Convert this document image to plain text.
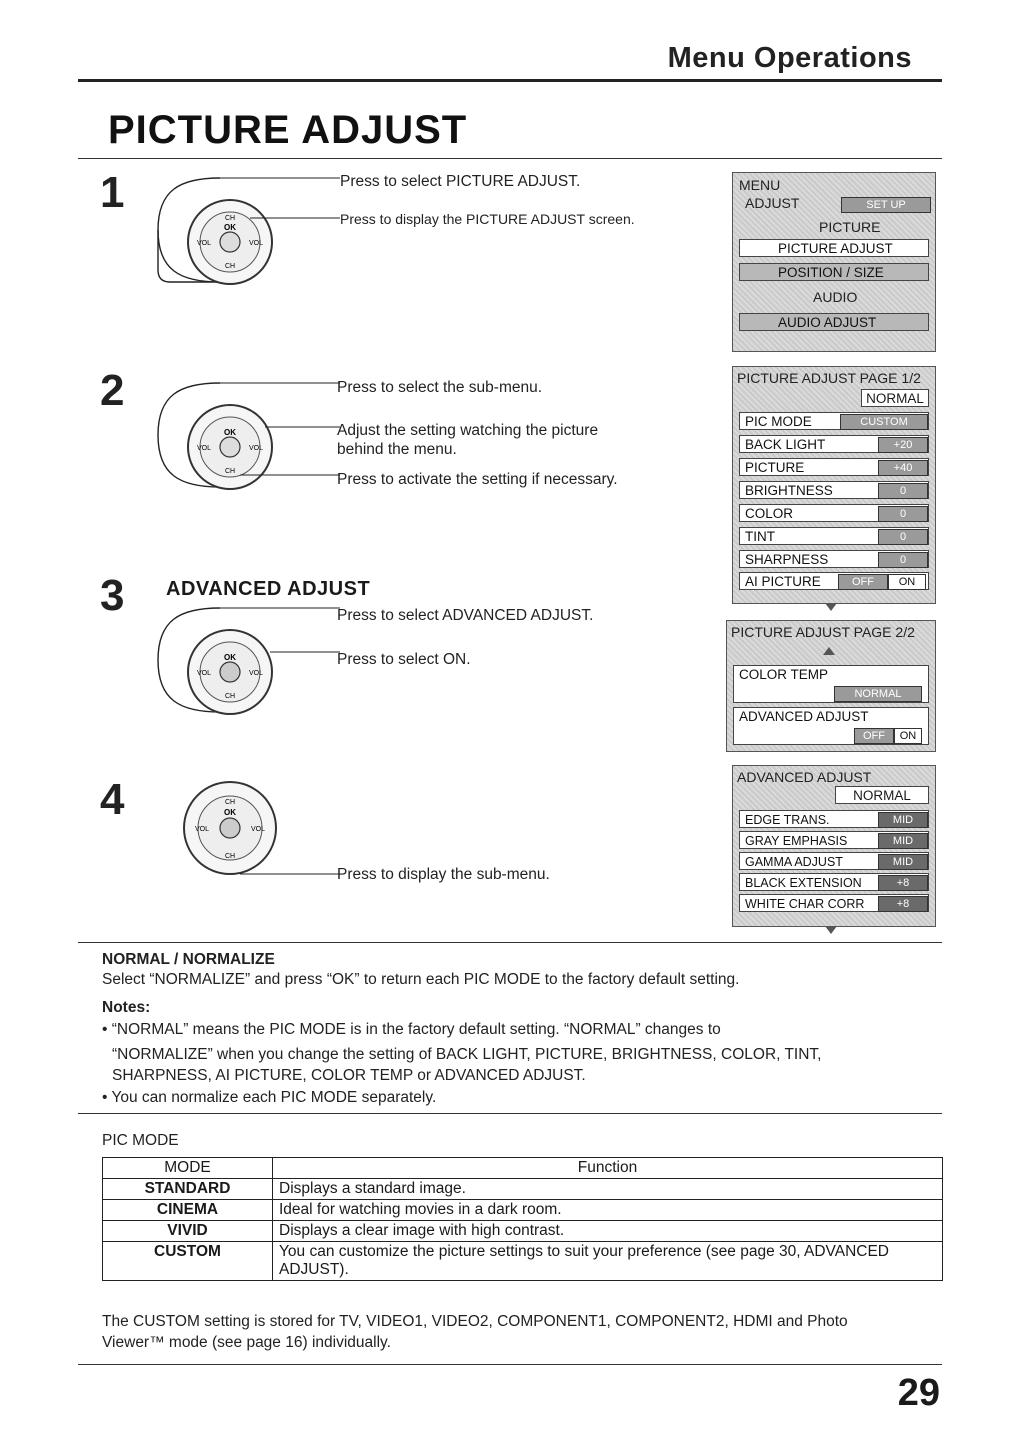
Menu Operations
PICTURE ADJUST
1
CH
OK
CH
VOL	VOL
Press to select PICTURE ADJUST.
Press to display the PICTURE ADJUST screen.
MENU
ADJUST	SET UP
PICTURE
PICTURE ADJUST
POSITION / SIZE
AUDIO
AUDIO ADJUST
2
OK
CH
VOL	VOL
Press to select the sub-menu.
Adjust the setting watching the picture
behind the menu.
Press to activate the setting if necessary.
PICTURE ADJUST PAGE 1/2
NORMAL
PIC MODE	CUSTOM
BACK LIGHT	+20
PICTURE	+40
BRIGHTNESS	0
COLOR	0
TINT	0
SHARPNESS	0
AI PICTURE	OFF	ON
3 ADVANCED ADJUST
OK
CH
VOL	VOL
Press to select ADVANCED ADJUST.
Press to select ON.
PICTURE ADJUST PAGE 2/2
COLOR TEMP
NORMAL
ADVANCED ADJUST
OFF	ON
4	CH
OK
CH
VOL	VOL
Press to display the sub-menu.
ADVANCED ADJUST
NORMAL
EDGE TRANS.	MID
GRAY EMPHASIS	MID
GAMMA ADJUST	MID
BLACK EXTENSION	+8
WHITE CHAR CORR	+8
NORMAL / NORMALIZE
Select “NORMALIZE” and press “OK” to return each PIC MODE to the factory default setting.
Notes:
• “NORMAL” means the PIC MODE is in the factory default setting. “NORMAL” changes to
“NORMALIZE” when you change the setting of BACK LIGHT, PICTURE, BRIGHTNESS, COLOR, TINT,
SHARPNESS, AI PICTURE, COLOR TEMP or ADVANCED ADJUST.
• You can normalize each PIC MODE separately.
PIC MODE
MODE	Function
STANDARD	Displays a standard image.
CINEMA	Ideal for watching movies in a dark room.
VIVID	Displays a clear image with high contrast.
CUSTOM	You can customize the picture settings to suit your preference (see page 30, ADVANCED ADJUST).
The CUSTOM setting is stored for TV, VIDEO1, VIDEO2, COMPONENT1, COMPONENT2, HDMI and Photo
Viewer™ mode (see page 16) individually.
29
